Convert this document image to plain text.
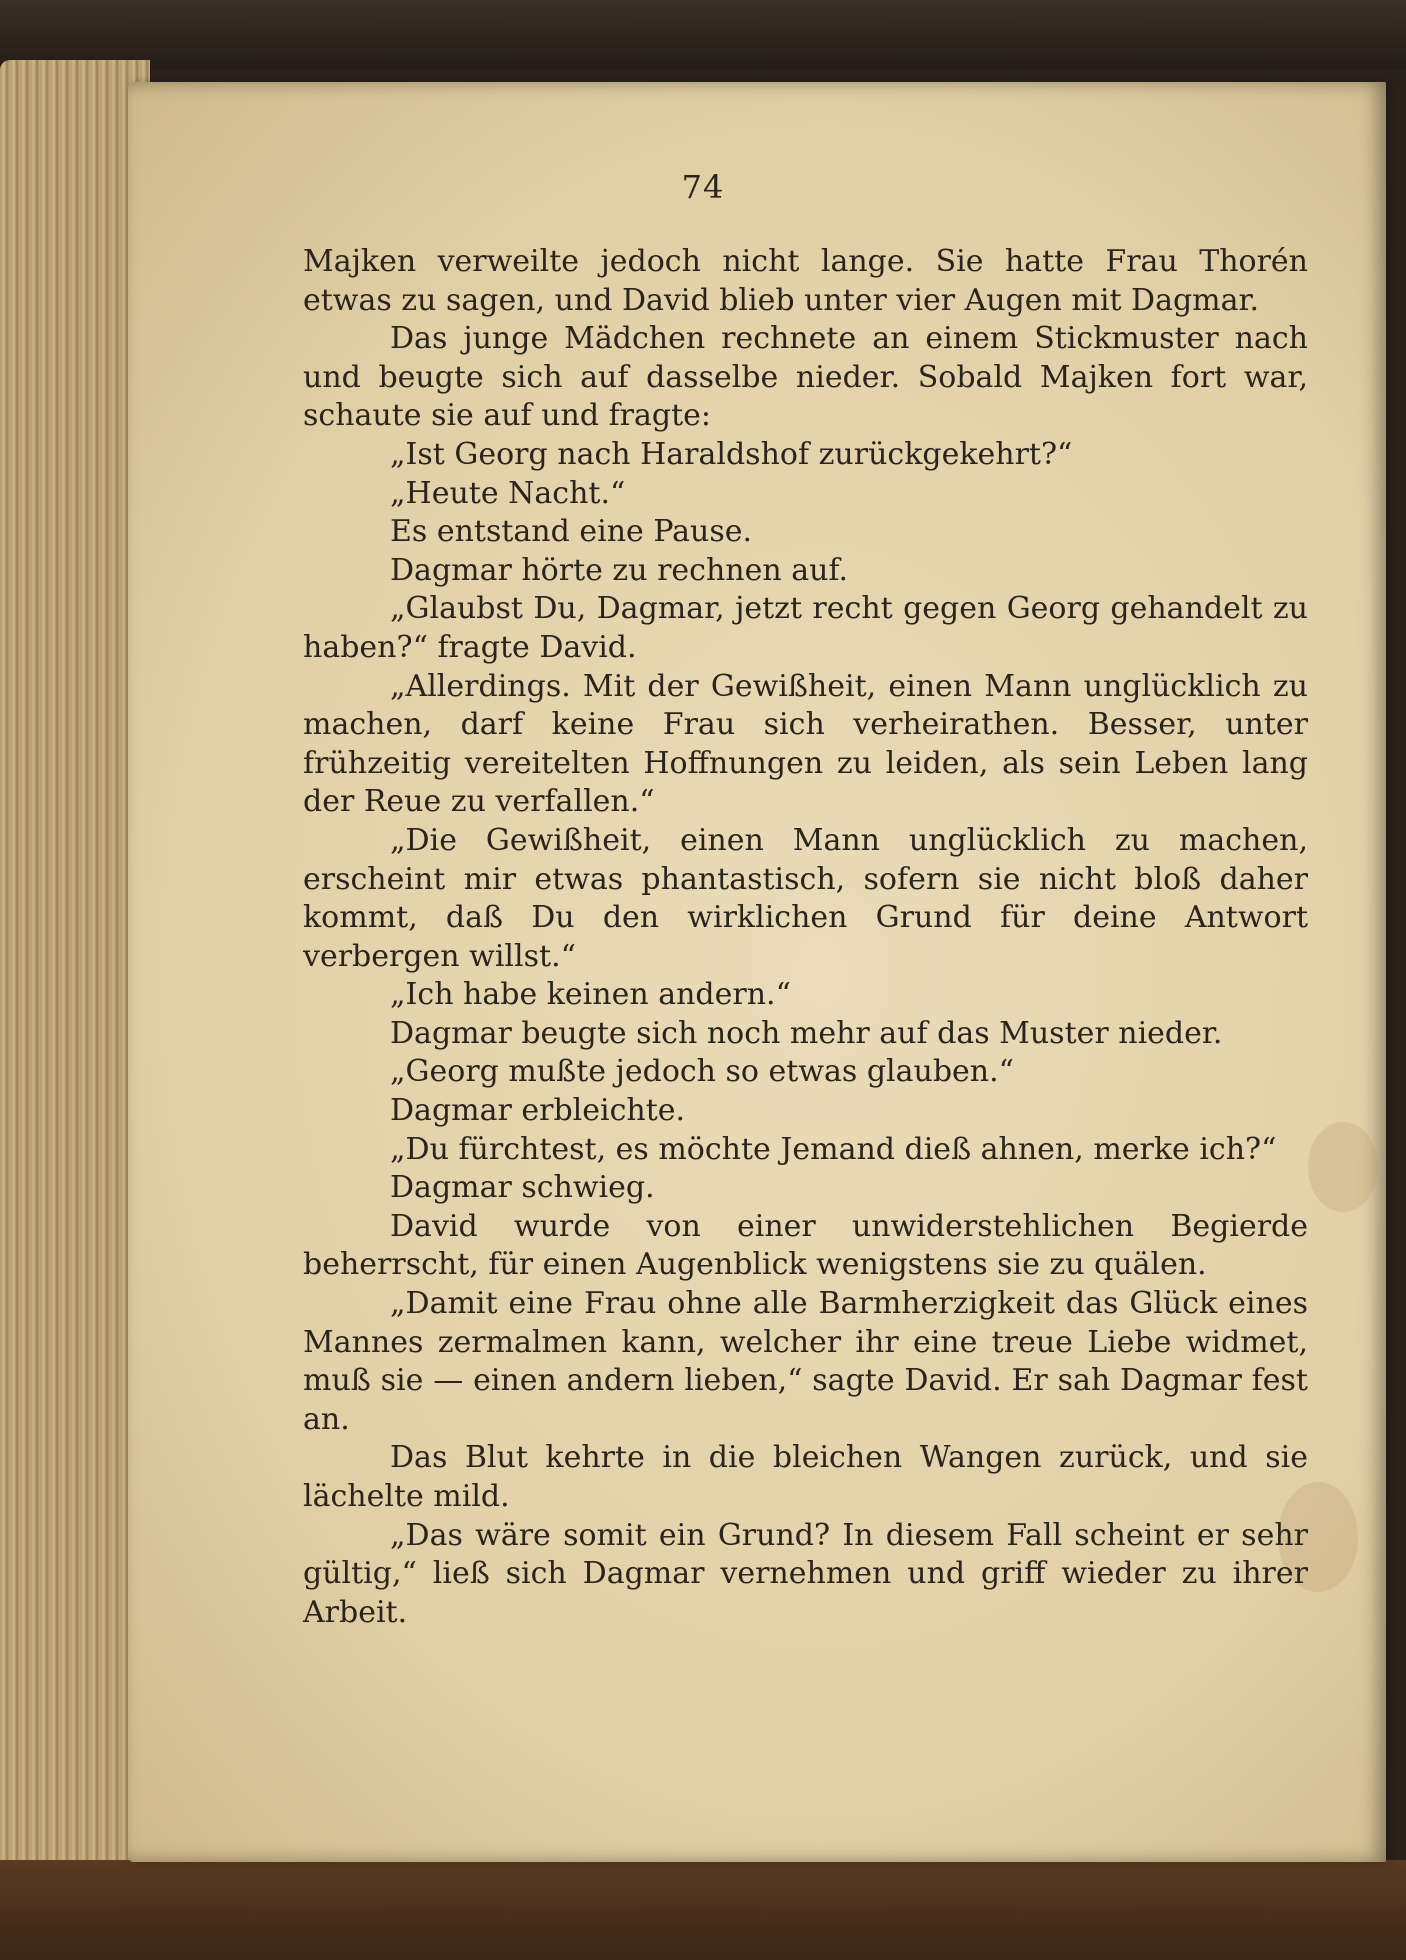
74

Majken verweilte jedoch nicht lange. Sie hatte Frau Thorén etwas zu sagen, und David blieb unter vier Augen mit Dagmar.

Das junge Mädchen rechnete an einem Stickmuster nach und beugte sich auf dasselbe nieder. Sobald Majken fort war, schaute sie auf und fragte:

„Ist Georg nach Haraldshof zurückgekehrt?“

„Heute Nacht.“

Es entstand eine Pause.

Dagmar hörte zu rechnen auf.

„Glaubst Du, Dagmar, jetzt recht gegen Georg gehandelt zu haben?“ fragte David.

„Allerdings. Mit der Gewißheit, einen Mann unglücklich zu machen, darf keine Frau sich verheirathen. Besser, unter frühzeitig vereitelten Hoffnungen zu leiden, als sein Leben lang der Reue zu verfallen.“

„Die Gewißheit, einen Mann unglücklich zu machen, erscheint mir etwas phantastisch, sofern sie nicht bloß daher kommt, daß Du den wirklichen Grund für deine Antwort verbergen willst.“

„Ich habe keinen andern.“

Dagmar beugte sich noch mehr auf das Muster nieder.

„Georg mußte jedoch so etwas glauben.“

Dagmar erbleichte.

„Du fürchtest, es möchte Jemand dieß ahnen, merke ich?“

Dagmar schwieg.

David wurde von einer unwiderstehlichen Begierde beherrscht, für einen Augenblick wenigstens sie zu quälen.

„Damit eine Frau ohne alle Barmherzigkeit das Glück eines Mannes zermalmen kann, welcher ihr eine treue Liebe widmet, muß sie — einen andern lieben,“ sagte David. Er sah Dagmar fest an.

Das Blut kehrte in die bleichen Wangen zurück, und sie lächelte mild.

„Das wäre somit ein Grund? In diesem Fall scheint er sehr gültig,“ ließ sich Dagmar vernehmen und griff wieder zu ihrer Arbeit.
